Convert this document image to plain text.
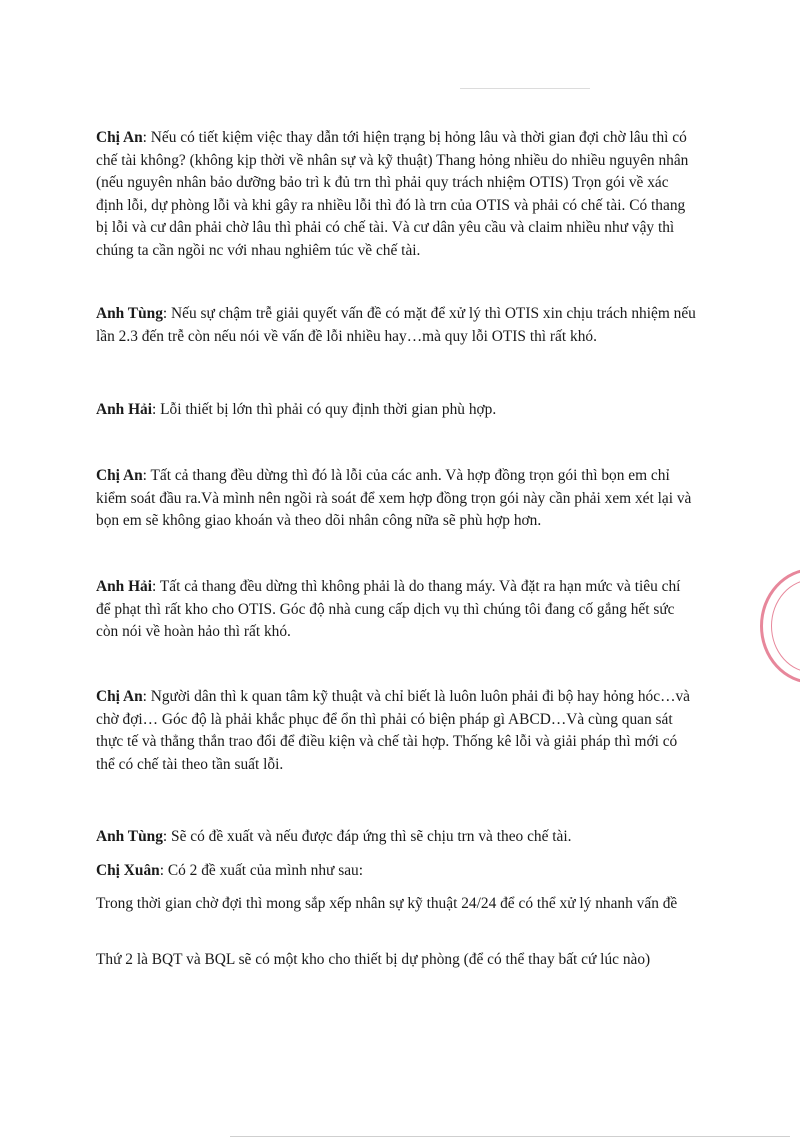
Chị An: Nếu có tiết kiệm việc thay dẫn tới hiện trạng bị hỏng lâu và thời gian đợi chờ lâu thì có chế tài không? (không kịp thời về nhân sự và kỹ thuật) Thang hỏng nhiều do nhiều nguyên nhân (nếu nguyên nhân bảo dưỡng bảo trì k đủ trn thì phải quy trách nhiệm OTIS) Trọn gói về xác định lỗi, dự phòng lỗi và khi gây ra nhiều lỗi thì đó là trn của OTIS và phải có chế tài. Có thang bị lỗi và cư dân phải chờ lâu thì phải có chế tài. Và cư dân yêu cầu và claim nhiều như vậy thì chúng ta cần ngồi nc với nhau nghiêm túc về chế tài.

Anh Tùng: Nếu sự chậm trễ giải quyết vấn đề có mặt để xử lý thì OTIS xin chịu trách nhiệm nếu lần 2.3 đến trễ còn nếu nói về vấn đề lỗi nhiều hay…mà quy lỗi OTIS thì rất khó.

Anh Hải: Lỗi thiết bị lớn thì phải có quy định thời gian phù hợp.

Chị An: Tất cả thang đều dừng thì đó là lỗi của các anh. Và hợp đồng trọn gói thì bọn em chỉ kiểm soát đầu ra.Và mình nên ngồi rà soát để xem hợp đồng trọn gói này cần phải xem xét lại và bọn em sẽ không giao khoán và theo dõi nhân công nữa sẽ phù hợp hơn.

Anh Hải: Tất cả thang đều dừng thì không phải là do thang máy. Và đặt ra hạn mức và tiêu chí để phạt thì rất kho cho OTIS. Góc độ nhà cung cấp dịch vụ thì chúng tôi đang cố gắng hết sức còn nói về hoàn hảo thì rất khó.

Chị An: Người dân thì k quan tâm kỹ thuật và chỉ biết là luôn luôn phải đi bộ hay hỏng hóc…và chờ đợi… Góc độ là phải khắc phục để ổn thì phải có biện pháp gì ABCD…Và cùng quan sát thực tế và thẳng thắn trao đổi để điều kiện và chế tài hợp. Thống kê lỗi và giải pháp thì mới có thể có chế tài theo tần suất lỗi.

Anh Tùng: Sẽ có đề xuất và nếu được đáp ứng thì sẽ chịu trn và theo chế tài.

Chị Xuân: Có 2 đề xuất của mình như sau:

Trong thời gian chờ đợi thì mong sắp xếp nhân sự kỹ thuật 24/24 để có thể xử lý nhanh vấn đề

Thứ 2 là BQT và BQL sẽ có một kho cho thiết bị dự phòng (để có thể thay bất cứ lúc nào)
